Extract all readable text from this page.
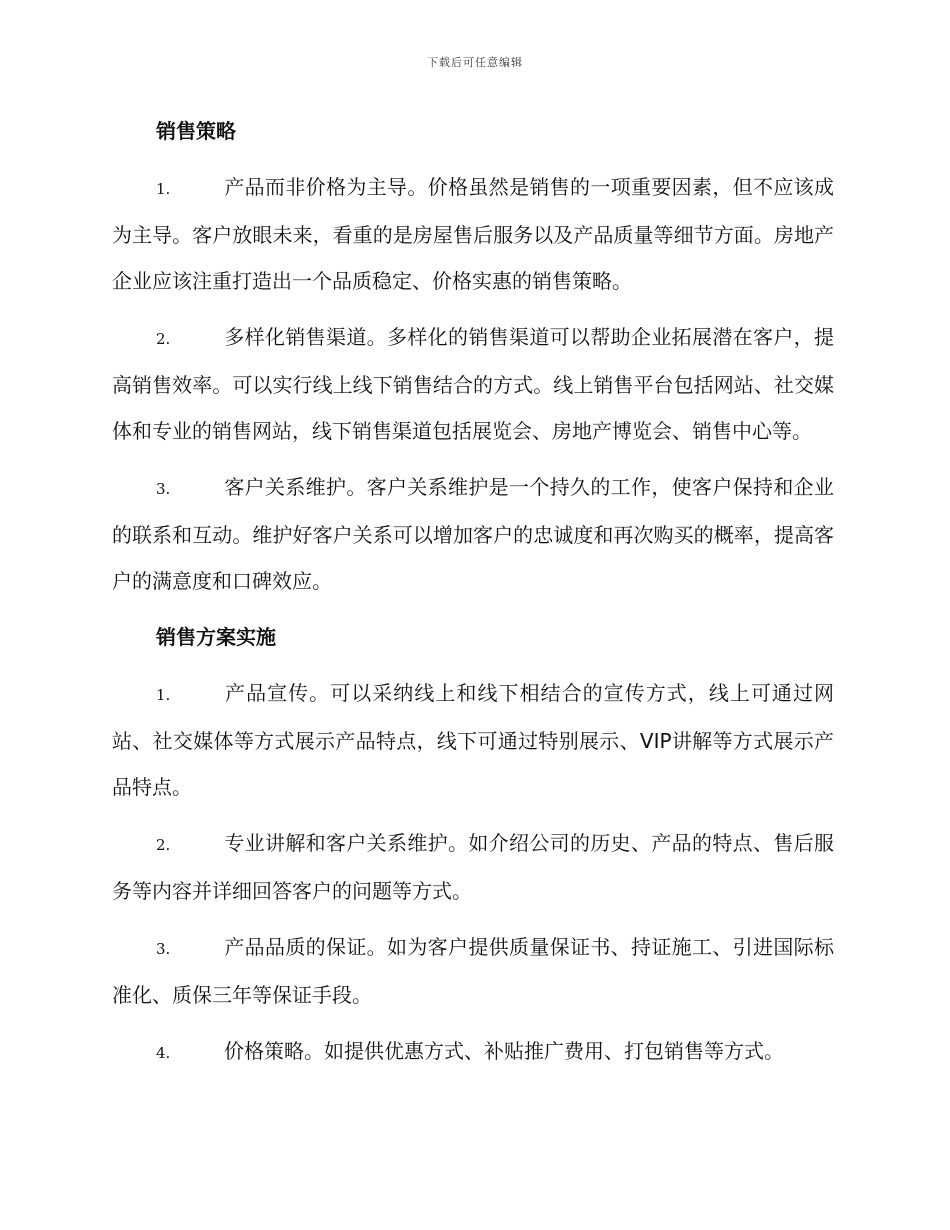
下载后可任意编辑
销售策略

1.	产品而非价格为主导。价格虽然是销售的一项重要因素，但不应该成为主导。客户放眼未来，看重的是房屋售后服务以及产品质量等细节方面。房地产企业应该注重打造出一个品质稳定、价格实惠的销售策略。

2.	多样化销售渠道。多样化的销售渠道可以帮助企业拓展潜在客户，提高销售效率。可以实行线上线下销售结合的方式。线上销售平台包括网站、社交媒体和专业的销售网站，线下销售渠道包括展览会、房地产博览会、销售中心等。

3.	客户关系维护。客户关系维护是一个持久的工作，使客户保持和企业的联系和互动。维护好客户关系可以增加客户的忠诚度和再次购买的概率，提高客户的满意度和口碑效应。

销售方案实施

1.	产品宣传。可以采纳线上和线下相结合的宣传方式，线上可通过网站、社交媒体等方式展示产品特点，线下可通过特别展示、VIP讲解等方式展示产品特点。

2.	专业讲解和客户关系维护。如介绍公司的历史、产品的特点、售后服务等内容并详细回答客户的问题等方式。

3.	产品品质的保证。如为客户提供质量保证书、持证施工、引进国际标准化、质保三年等保证手段。

4.	价格策略。如提供优惠方式、补贴推广费用、打包销售等方式。
